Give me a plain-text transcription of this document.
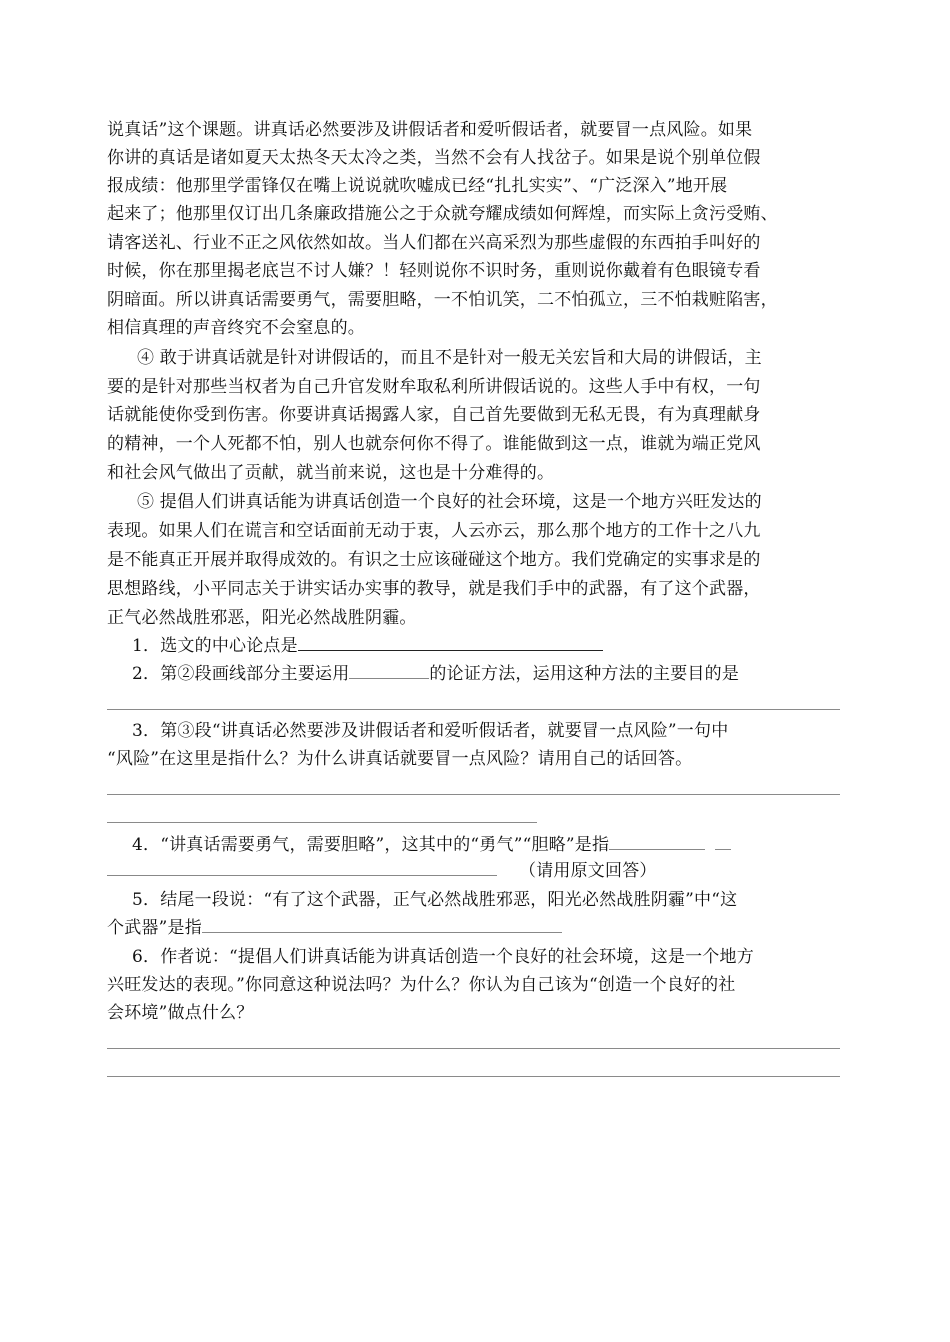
说真话”这个课题。讲真话必然要涉及讲假话者和爱听假话者，就要冒一点风险。如果
你讲的真话是诸如夏天太热冬天太冷之类，当然不会有人找岔子。如果是说个别单位假
报成绩：他那里学雷锋仅在嘴上说说就吹嘘成已经“扎扎实实”、“广泛深入”地开展
起来了；他那里仅订出几条廉政措施公之于众就夸耀成绩如何辉煌，而实际上贪污受贿、
请客送礼、行业不正之风依然如故。当人们都在兴高采烈为那些虚假的东西拍手叫好的
时候，你在那里揭老底岂不讨人嫌？！轻则说你不识时务，重则说你戴着有色眼镜专看
阴暗面。所以讲真话需要勇气，需要胆略，一不怕讥笑，二不怕孤立，三不怕栽赃陷害，
相信真理的声音终究不会窒息的。
④ 敢于讲真话就是针对讲假话的，而且不是针对一般无关宏旨和大局的讲假话，主
要的是针对那些当权者为自己升官发财牟取私利所讲假话说的。这些人手中有权，一句
话就能使你受到伤害。你要讲真话揭露人家，自己首先要做到无私无畏，有为真理献身
的精神，一个人死都不怕，别人也就奈何你不得了。谁能做到这一点，谁就为端正党风
和社会风气做出了贡献，就当前来说，这也是十分难得的。
⑤ 提倡人们讲真话能为讲真话创造一个良好的社会环境，这是一个地方兴旺发达的
表现。如果人们在谎言和空话面前无动于衷，人云亦云，那么那个地方的工作十之八九
是不能真正开展并取得成效的。有识之士应该碰碰这个地方。我们党确定的实事求是的
思想路线，小平同志关于讲实话办实事的教导，就是我们手中的武器，有了这个武器，
正气必然战胜邪恶，阳光必然战胜阴霾。
1．选文的中心论点是
2．第②段画线部分主要运用	的论证方法，运用这种方法的主要目的是
3．第③段“讲真话必然要涉及讲假话者和爱听假话者，就要冒一点风险”一句中
“风险”在这里是指什么？为什么讲真话就要冒一点风险？请用自己的话回答。
4．“讲真话需要勇气，需要胆略”，这其中的“勇气”“胆略”是指
（请用原文回答）
5．结尾一段说：“有了这个武器，正气必然战胜邪恶，阳光必然战胜阴霾”中“这
个武器”是指
6．作者说：“提倡人们讲真话能为讲真话创造一个良好的社会环境，这是一个地方
兴旺发达的表现。”你同意这种说法吗？为什么？你认为自己该为“创造一个良好的社
会环境”做点什么？
